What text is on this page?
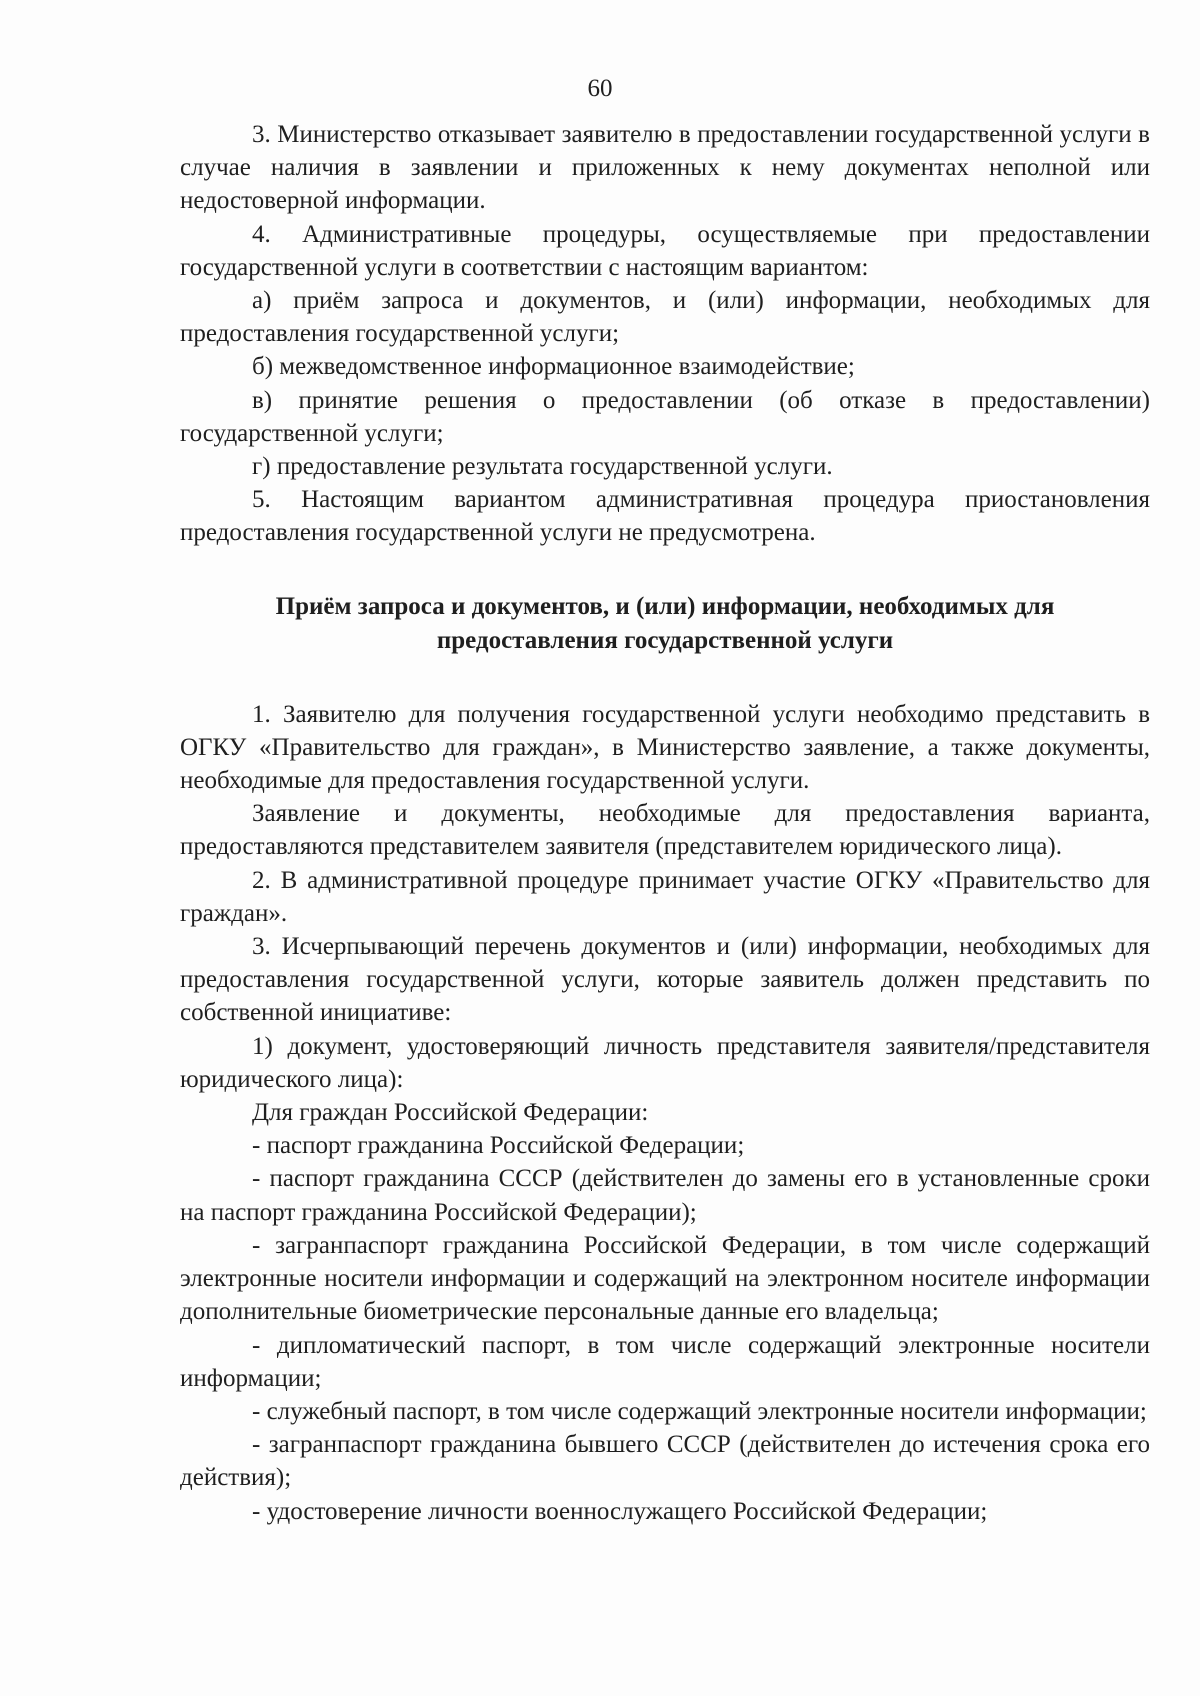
60

3. Министерство отказывает заявителю в предоставлении государственной услуги в случае наличия в заявлении и приложенных к нему документах неполной или недостоверной информации.

4. Административные процедуры, осуществляемые при предоставлении государственной услуги в соответствии с настоящим вариантом:

а) приём запроса и документов, и (или) информации, необходимых для предоставления государственной услуги;

б) межведомственное информационное взаимодействие;

в) принятие решения о предоставлении (об отказе в предоставлении) государственной услуги;

г) предоставление результата государственной услуги.

5. Настоящим вариантом административная процедура приостановления предоставления государственной услуги не предусмотрена.

Приём запроса и документов, и (или) информации, необходимых для
предоставления государственной услуги

1. Заявителю для получения государственной услуги необходимо представить в ОГКУ «Правительство для граждан», в Министерство заявление, а также документы, необходимые для предоставления государственной услуги.

Заявление и документы, необходимые для предоставления варианта, предоставляются представителем заявителя (представителем юридического лица).

2. В административной процедуре принимает участие ОГКУ «Правительство для граждан».

3. Исчерпывающий перечень документов и (или) информации, необходимых для предоставления государственной услуги, которые заявитель должен представить по собственной инициативе:

1) документ, удостоверяющий личность представителя заявителя/представителя юридического лица):

Для граждан Российской Федерации:

- паспорт гражданина Российской Федерации;

- паспорт гражданина СССР (действителен до замены его в установленные сроки на паспорт гражданина Российской Федерации);

- загранпаспорт гражданина Российской Федерации, в том числе содержащий электронные носители информации и содержащий на электронном носителе информации дополнительные биометрические персональные данные его владельца;

- дипломатический паспорт, в том числе содержащий электронные носители информации;

- служебный паспорт, в том числе содержащий электронные носители информации;

- загранпаспорт гражданина бывшего СССР (действителен до истечения срока его действия);

- удостоверение личности военнослужащего Российской Федерации;
